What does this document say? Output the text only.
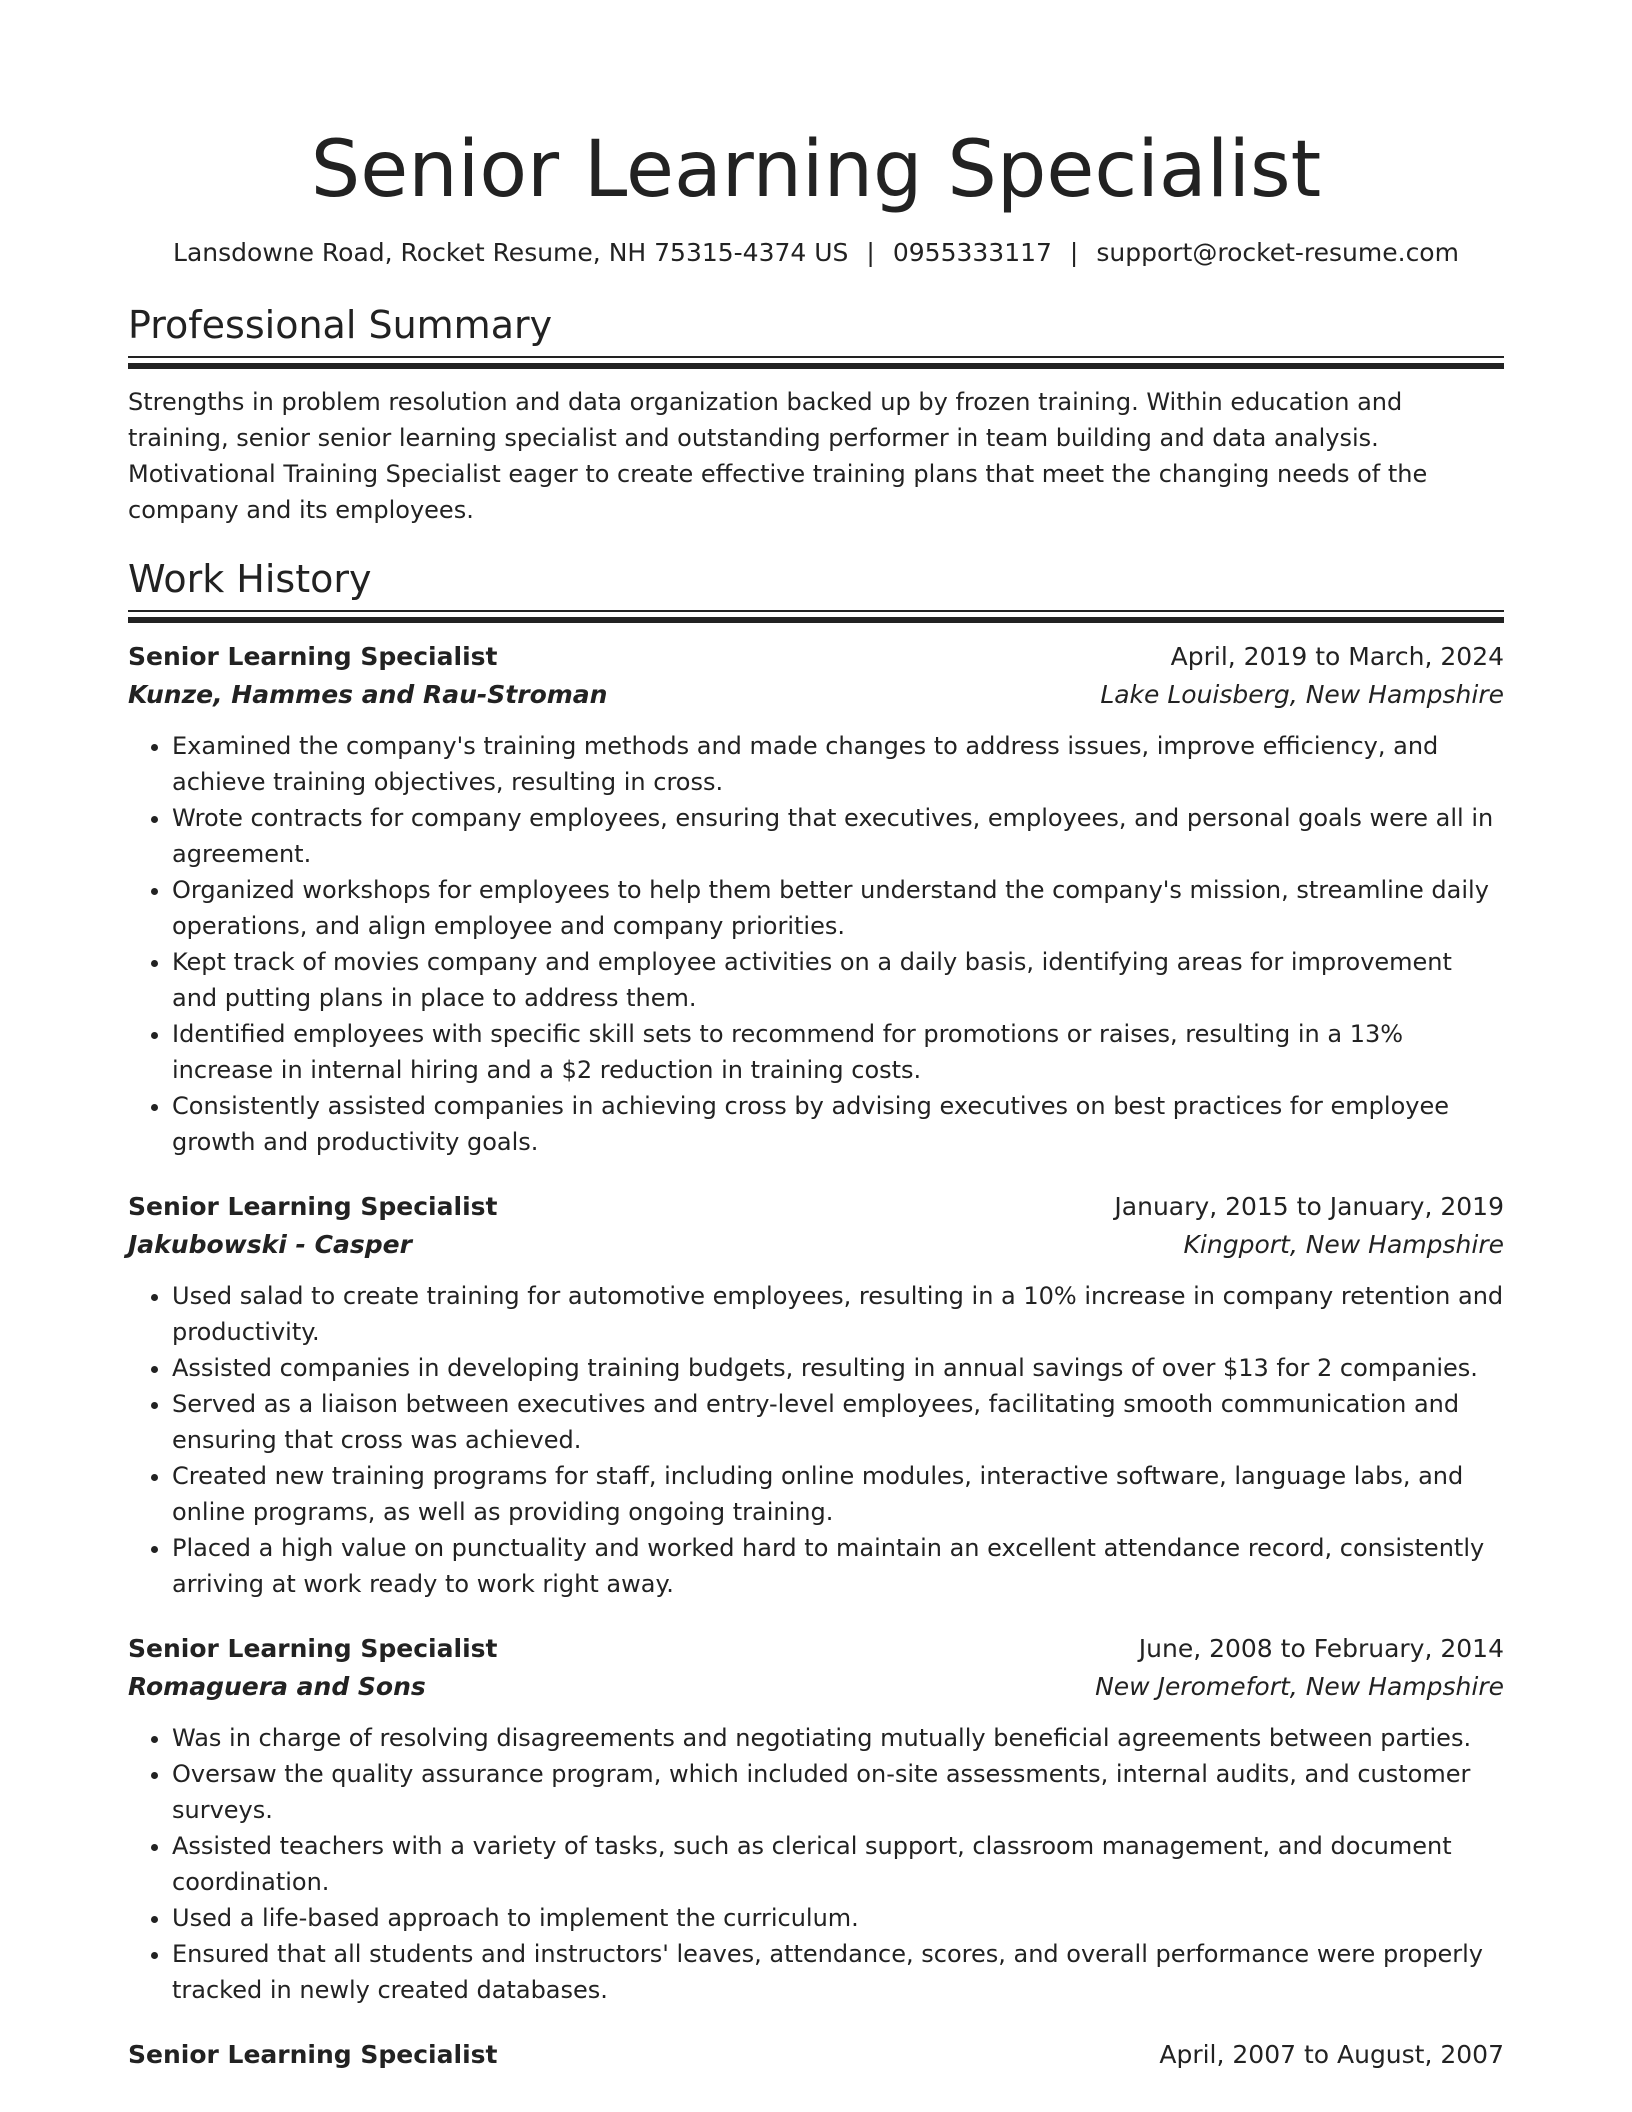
Senior Learning Specialist
Lansdowne Road, Rocket Resume, NH 75315-4374 US | 0955333117 | support@rocket-resume.com
Professional Summary

Strengths in problem resolution and data organization backed up by frozen training. Within education and training, senior senior learning specialist and outstanding performer in team building and data analysis. Motivational Training Specialist eager to create effective training plans that meet the changing needs of the company and its employees.

Work History
Senior Learning Specialist	April, 2019 to March, 2024
Kunze, Hammes and Rau-Stroman	Lake Louisberg, New Hampshire
• Examined the company's training methods and made changes to address issues, improve efficiency, and achieve training objectives, resulting in cross.
• Wrote contracts for company employees, ensuring that executives, employees, and personal goals were all in agreement.
• Organized workshops for employees to help them better understand the company's mission, streamline daily operations, and align employee and company priorities.
• Kept track of movies company and employee activities on a daily basis, identifying areas for improvement and putting plans in place to address them.
• Identified employees with specific skill sets to recommend for promotions or raises, resulting in a 13% increase in internal hiring and a $2 reduction in training costs.
• Consistently assisted companies in achieving cross by advising executives on best practices for employee growth and productivity goals.
Senior Learning Specialist	January, 2015 to January, 2019
Jakubowski - Casper	Kingport, New Hampshire
• Used salad to create training for automotive employees, resulting in a 10% increase in company retention and productivity.
• Assisted companies in developing training budgets, resulting in annual savings of over $13 for 2 companies.
• Served as a liaison between executives and entry-level employees, facilitating smooth communication and ensuring that cross was achieved.
• Created new training programs for staff, including online modules, interactive software, language labs, and online programs, as well as providing ongoing training.
• Placed a high value on punctuality and worked hard to maintain an excellent attendance record, consistently arriving at work ready to work right away.
Senior Learning Specialist	June, 2008 to February, 2014
Romaguera and Sons	New Jeromefort, New Hampshire
• Was in charge of resolving disagreements and negotiating mutually beneficial agreements between parties.
• Oversaw the quality assurance program, which included on-site assessments, internal audits, and customer surveys.
• Assisted teachers with a variety of tasks, such as clerical support, classroom management, and document coordination.
• Used a life-based approach to implement the curriculum.
• Ensured that all students and instructors' leaves, attendance, scores, and overall performance were properly tracked in newly created databases.
Senior Learning Specialist	April, 2007 to August, 2007
